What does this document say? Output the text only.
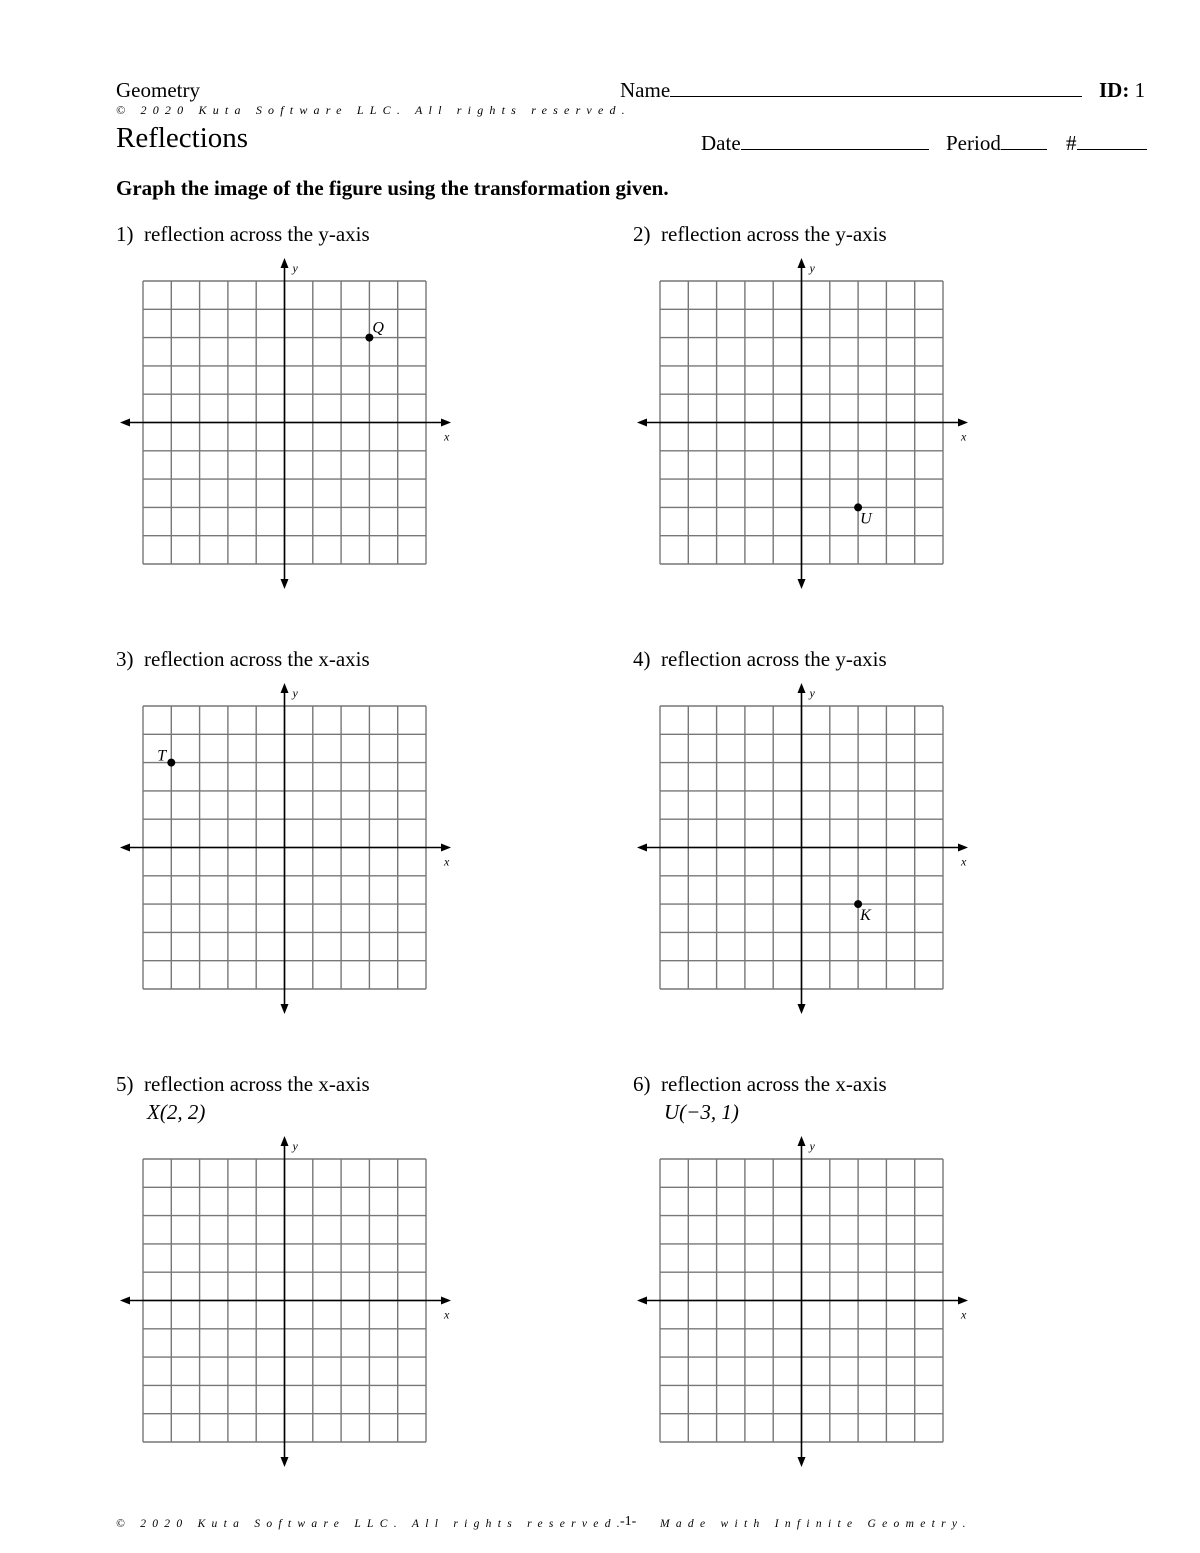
Geometry	Name	ID: 1
© 2020 Kuta Software LLC. All rights reserved.
Reflections	Date	Period	#
Graph the image of the figure using the transformation given.
1) reflection across the y-axis	2) reflection across the y-axis
3) reflection across the x-axis	4) reflection across the y-axis
5) reflection across the x-axis
X(2, 2)
6) reflection across the x-axis
U(−3, 1)
x
y
Q
x
y
U
x
y
T
x
y
K
x
y
x
y
© 2020 Kuta Software LLC. All rights reserved.
-1- Made with Infinite Geometry.
